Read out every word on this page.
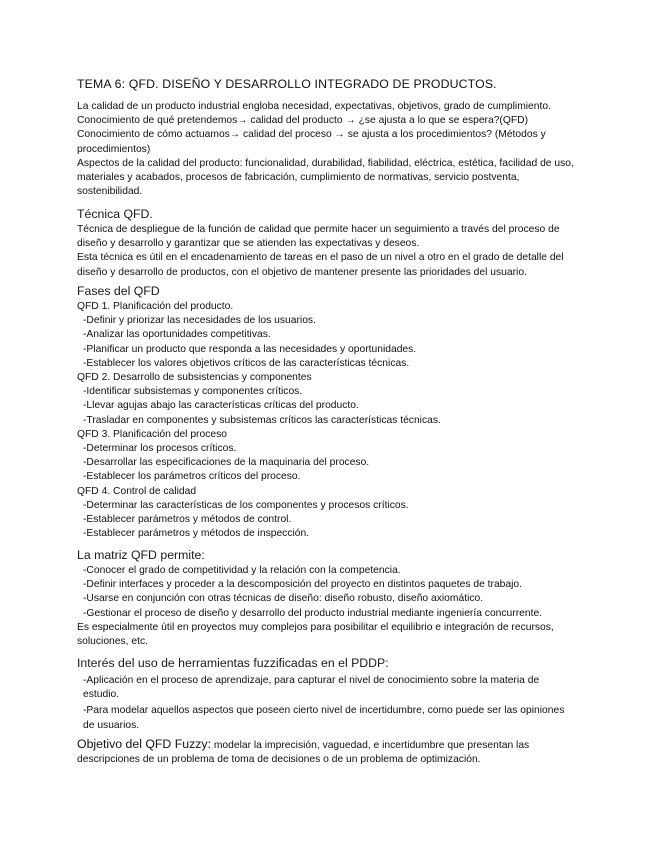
TEMA 6: QFD. DISEÑO Y DESARROLLO INTEGRADO DE PRODUCTOS.

La calidad de un producto industrial engloba necesidad, expectativas, objetivos, grado de cumplimiento.

Conocimiento de qué pretendemos→ calidad del producto → ¿se ajusta a lo que se espera?(QFD)

Conocimiento de cómo actuamos→ calidad del proceso → se ajusta a los procedimientos? (Métodos y procedimientos)

Aspectos de la calidad del producto: funcionalidad, durabilidad, fiabilidad, eléctrica, estética, facilidad de uso, materiales y acabados, procesos de fabricación, cumplimiento de normativas, servicio postventa, sostenibilidad.

Técnica QFD.

Técnica de despliegue de la función de calidad que permite hacer un seguimiento a través del proceso de diseño y desarrollo y garantizar que se atienden las expectativas y deseos.

Esta técnica es útil en el encadenamiento de tareas en el paso de un nivel a otro en el grado de detalle del diseño y desarrollo de productos, con el objetivo de mantener presente las prioridades del usuario.

Fases del QFD

QFD 1. Planificación del producto.

-Definir y priorizar las necesidades de los usuarios.

-Analizar las oportunidades competitivas.

-Planificar un producto que responda a las necesidades y oportunidades.

-Establecer los valores objetivos críticos de las características técnicas.

QFD 2. Desarrollo de subsistencias y componentes

-Identificar subsistemas y componentes críticos.

-Llevar agujas abajo las características críticas del producto.

-Trasladar en componentes y subsistemas críticos las características técnicas.

QFD 3. Planificación del proceso

-Determinar los procesos críticos.

-Desarrollar las especificaciones de la maquinaria del proceso.

-Establecer los parámetros críticos del proceso.

QFD 4. Control de calidad

-Determinar las características de los componentes y procesos críticos.

-Establecer parámetros y métodos de control.

-Establecer parámetros y métodos de inspección.

La matriz QFD permite:

-Conocer el grado de competitividad y la relación con la competencia.

-Definir interfaces y proceder a la descomposición del proyecto en distintos paquetes de trabajo.

-Usarse en conjunción con otras técnicas de diseño: diseño robusto, diseño axiomático.

-Gestionar el proceso de diseño y desarrollo del producto industrial mediante ingeniería concurrente.

Es especialmente útil en proyectos muy complejos para posibilitar el equilibrio e integración de recursos, soluciones, etc.

Interés del uso de herramientas fuzzificadas en el PDDP:

-Aplicación en el proceso de aprendizaje, para capturar el nivel de conocimiento sobre la materia de estudio.

-Para modelar aquellos aspectos que poseen cierto nivel de incertidumbre, como puede ser las opiniones de usuarios.

Objetivo del QFD Fuzzy: modelar la imprecisión, vaguedad, e incertidumbre que presentan las descripciones de un problema de toma de decisiones o de un problema de optimización.
